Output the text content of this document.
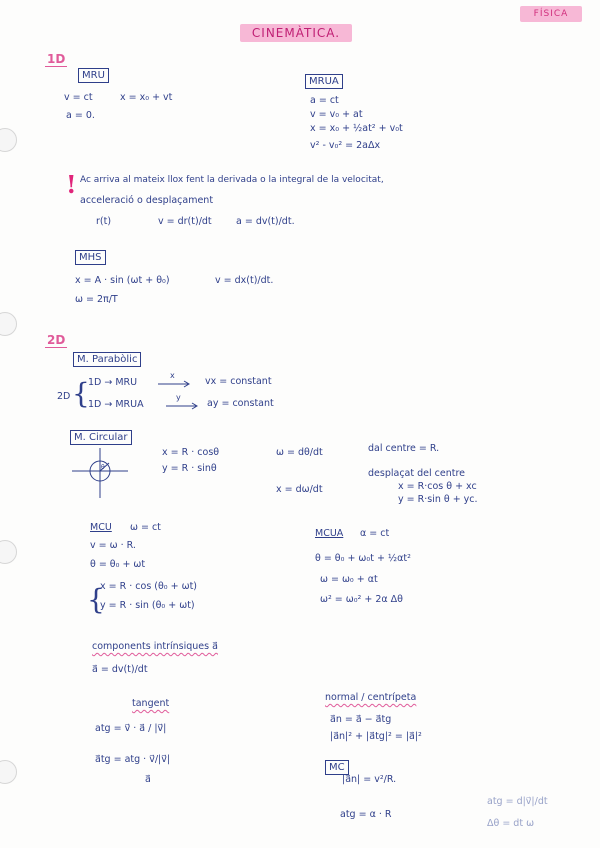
FÍSICA
CINEMÀTICA.
1D
MRU
v = ct	x = x₀ + vt
a = 0.
MRUA
a = ct
v = v₀ + at
x = x₀ + ½at² + v₀t
v² - v₀² = 2aΔx
! Ac arriva al mateix llox fent la derivada o la integral de la velocitat,
acceleració o desplaçament
r(t)	v = dr(t)/dt	a = dv(t)/dt.
MHS
x = A · sin (ωt + θ₀)	v = dx(t)/dt.
ω = 2π/T
2D
M. Parabòlic
2D {
1D → MRU
x
vx = constant
1D → MRUA
y
ay = constant
M. Circular
θ
x = R · cosθ
y = R · sinθ
ω = dθ/dt
x = dω/dt
dal centre = R.
desplaçat del centre
x = R·cos θ + xc
y = R·sin θ + yc.
MCU ω = ct
v = ω · R.
θ = θ₀ + ωt
{
x = R · cos (θ₀ + ωt)
y = R · sin (θ₀ + ωt)
MCUA α = ct
θ = θ₀ + ω₀t + ½αt²
ω = ω₀ + αt
ω² = ω₀² + 2α Δθ
components intrínsiques a⃗
a⃗ = dv(t)/dt
tangent
atg = v⃗ · a⃗ / |v⃗|
a⃗tg = atg · v⃗/|v⃗|
a⃗
normal / centrípeta
a⃗n = a⃗ − a⃗tg
|a⃗n|² + |a⃗tg|² = |a⃗|²
MC
|a⃗n| = v²/R.
atg = α · R
atg = d|v⃗|/dt
Δθ = dt ω
